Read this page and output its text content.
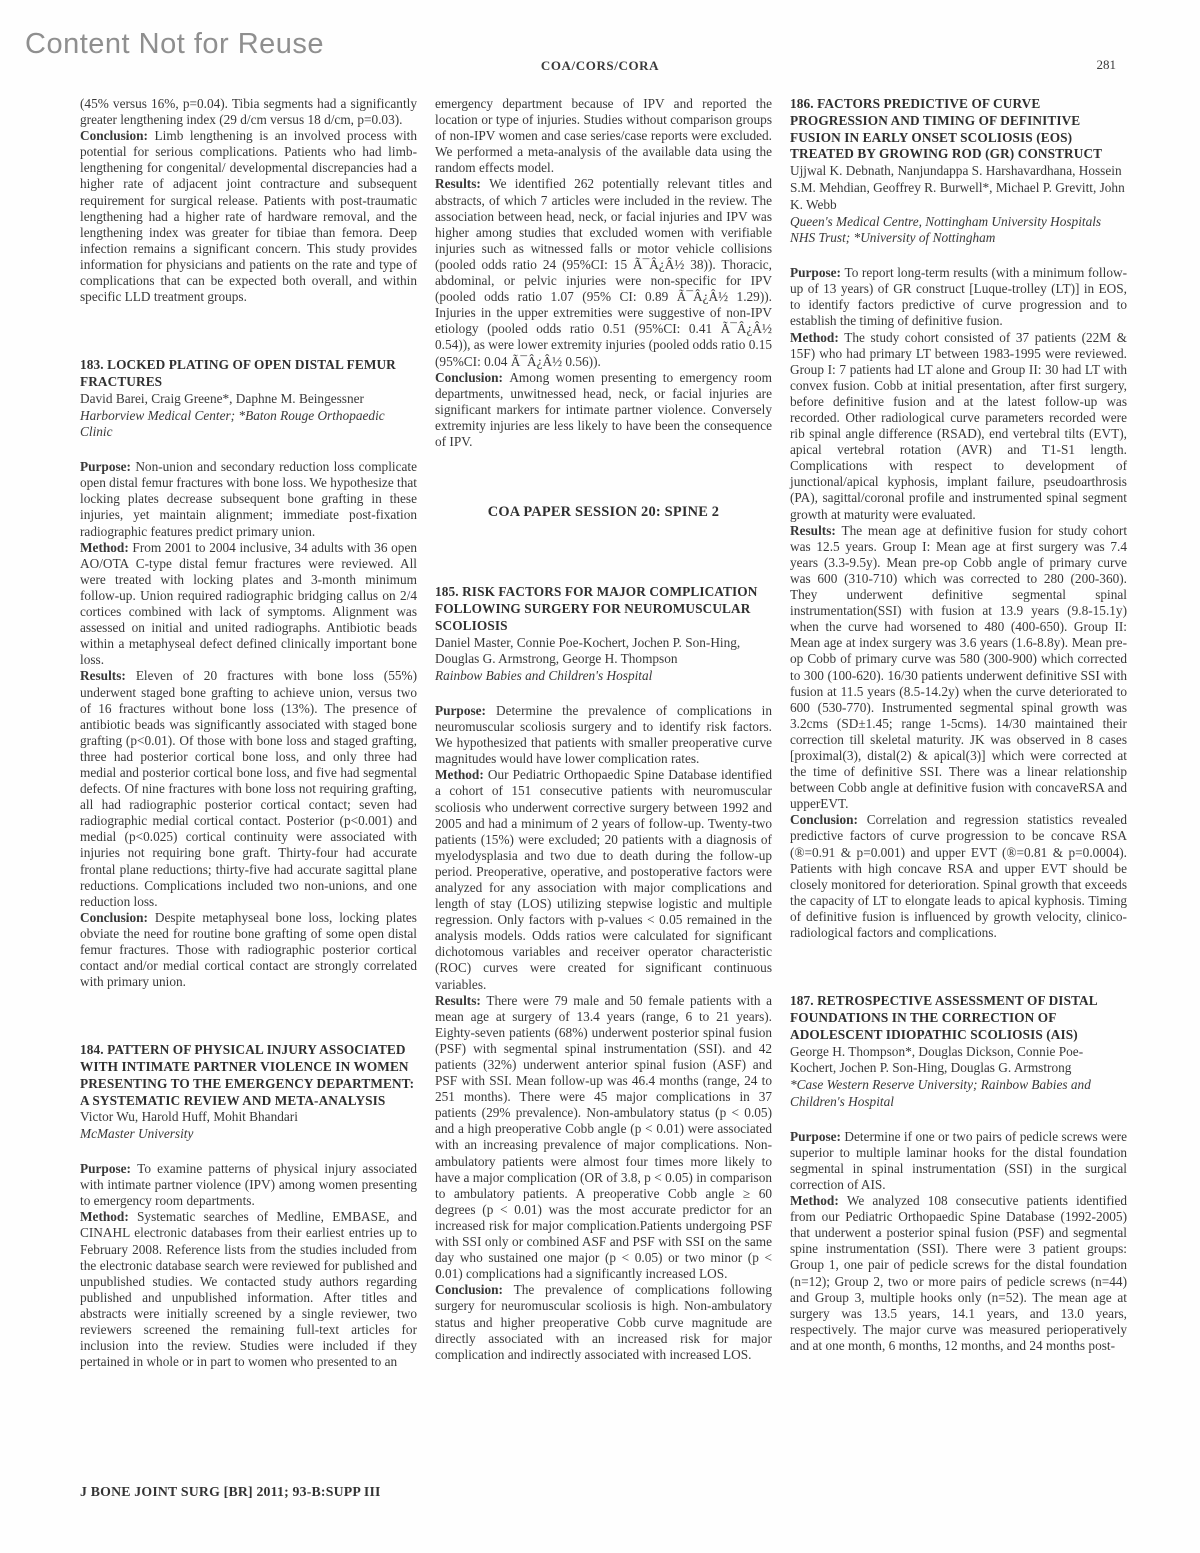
Content Not for Reuse
COA/CORS/CORA	281
(45% versus 16%, p=0.04). Tibia segments had a significantly greater lengthening index (29 d/cm versus 18 d/cm, p=0.03).
Conclusion: Limb lengthening is an involved process with potential for serious complications. Patients who had limb-lengthening for congenital/ developmental discrepancies had a higher rate of adjacent joint contracture and subsequent requirement for surgical release. Patients with post-traumatic lengthening had a higher rate of hardware removal, and the lengthening index was greater for tibiae than femora. Deep infection remains a significant concern. This study provides information for physicians and patients on the rate and type of complications that can be expected both overall, and within specific LLD treatment groups.
183. LOCKED PLATING OF OPEN DISTAL FEMUR FRACTURES
David Barei, Craig Greene*, Daphne M. Beingessner
Harborview Medical Center; *Baton Rouge Orthopaedic Clinic
Purpose: Non-union and secondary reduction loss complicate open distal femur fractures with bone loss. We hypothesize that locking plates decrease subsequent bone grafting in these injuries, yet maintain alignment; immediate post-fixation radiographic features predict primary union.
Method: From 2001 to 2004 inclusive, 34 adults with 36 open AO/OTA C-type distal femur fractures were reviewed. All were treated with locking plates and 3-month minimum follow-up. Union required radiographic bridging callus on 2/4 cortices combined with lack of symptoms. Alignment was assessed on initial and united radiographs. Antibiotic beads within a metaphyseal defect defined clinically important bone loss.
Results: Eleven of 20 fractures with bone loss (55%) underwent staged bone grafting to achieve union, versus two of 16 fractures without bone loss (13%). The presence of antibiotic beads was significantly associated with staged bone grafting (p<0.01). Of those with bone loss and staged grafting, three had posterior cortical bone loss, and only three had medial and posterior cortical bone loss, and five had segmental defects. Of nine fractures with bone loss not requiring grafting, all had radiographic posterior cortical contact; seven had radiographic medial cortical contact. Posterior (p<0.001) and medial (p<0.025) cortical continuity were associated with injuries not requiring bone graft. Thirty-four had accurate frontal plane reductions; thirty-five had accurate sagittal plane reductions. Complications included two non-unions, and one reduction loss.
Conclusion: Despite metaphyseal bone loss, locking plates obviate the need for routine bone grafting of some open distal femur fractures. Those with radiographic posterior cortical contact and/or medial cortical contact are strongly correlated with primary union.
184. PATTERN OF PHYSICAL INJURY ASSOCIATED WITH INTIMATE PARTNER VIOLENCE IN WOMEN PRESENTING TO THE EMERGENCY DEPARTMENT: A SYSTEMATIC REVIEW AND META-ANALYSIS
Victor Wu, Harold Huff, Mohit Bhandari
McMaster University
Purpose: To examine patterns of physical injury associated with intimate partner violence (IPV) among women presenting to emergency room departments.
Method: Systematic searches of Medline, EMBASE, and CINAHL electronic databases from their earliest entries up to February 2008. Reference lists from the studies included from the electronic database search were reviewed for published and unpublished studies. We contacted study authors regarding published and unpublished information. After titles and abstracts were initially screened by a single reviewer, two reviewers screened the remaining full-text articles for inclusion into the review. Studies were included if they pertained in whole or in part to women who presented to an
emergency department because of IPV and reported the location or type of injuries. Studies without comparison groups of non-IPV women and case series/case reports were excluded. We performed a meta-analysis of the available data using the random effects model.
Results: We identified 262 potentially relevant titles and abstracts, of which 7 articles were included in the review. The association between head, neck, or facial injuries and IPV was higher among studies that excluded women with verifiable injuries such as witnessed falls or motor vehicle collisions (pooled odds ratio 24 (95%CI: 15 Ã¯Â¿Â½ 38)). Thoracic, abdominal, or pelvic injuries were non-specific for IPV (pooled odds ratio 1.07 (95% CI: 0.89 Ã¯Â¿Â½ 1.29)). Injuries in the upper extremities were suggestive of non-IPV etiology (pooled odds ratio 0.51 (95%CI: 0.41 Ã¯Â¿Â½ 0.54)), as were lower extremity injuries (pooled odds ratio 0.15 (95%CI: 0.04 Ã¯Â¿Â½ 0.56)).
Conclusion: Among women presenting to emergency room departments, unwitnessed head, neck, or facial injuries are significant markers for intimate partner violence. Conversely extremity injuries are less likely to have been the consequence of IPV.
COA PAPER SESSION 20: SPINE 2
185. RISK FACTORS FOR MAJOR COMPLICATION FOLLOWING SURGERY FOR NEUROMUSCULAR SCOLIOSIS
Daniel Master, Connie Poe-Kochert, Jochen P. Son-Hing, Douglas G. Armstrong, George H. Thompson
Rainbow Babies and Children's Hospital
Purpose: Determine the prevalence of complications in neuromuscular scoliosis surgery and to identify risk factors. We hypothesized that patients with smaller preoperative curve magnitudes would have lower complication rates.
Method: Our Pediatric Orthopaedic Spine Database identified a cohort of 151 consecutive patients with neuromuscular scoliosis who underwent corrective surgery between 1992 and 2005 and had a minimum of 2 years of follow-up. Twenty-two patients (15%) were excluded; 20 patients with a diagnosis of myelodysplasia and two due to death during the follow-up period. Preoperative, operative, and postoperative factors were analyzed for any association with major complications and length of stay (LOS) utilizing stepwise logistic and multiple regression. Only factors with p-values < 0.05 remained in the analysis models. Odds ratios were calculated for significant dichotomous variables and receiver operator characteristic (ROC) curves were created for significant continuous variables.
Results: There were 79 male and 50 female patients with a mean age at surgery of 13.4 years (range, 6 to 21 years). Eighty-seven patients (68%) underwent posterior spinal fusion (PSF) with segmental spinal instrumentation (SSI). and 42 patients (32%) underwent anterior spinal fusion (ASF) and PSF with SSI. Mean follow-up was 46.4 months (range, 24 to 251 months). There were 45 major complications in 37 patients (29% prevalence). Non-ambulatory status (p < 0.05) and a high preoperative Cobb angle (p < 0.01) were associated with an increasing prevalence of major complications. Non-ambulatory patients were almost four times more likely to have a major complication (OR of 3.8, p < 0.05) in comparison to ambulatory patients. A preoperative Cobb angle ≥ 60 degrees (p < 0.01) was the most accurate predictor for an increased risk for major complication.Patients undergoing PSF with SSI only or combined ASF and PSF with SSI on the same day who sustained one major (p < 0.05) or two minor (p < 0.01) complications had a significantly increased LOS.
Conclusion: The prevalence of complications following surgery for neuromuscular scoliosis is high. Non-ambulatory status and higher preoperative Cobb curve magnitude are directly associated with an increased risk for major complication and indirectly associated with increased LOS.
186. FACTORS PREDICTIVE OF CURVE PROGRESSION AND TIMING OF DEFINITIVE FUSION IN EARLY ONSET SCOLIOSIS (EOS) TREATED BY GROWING ROD (GR) CONSTRUCT
Ujjwal K. Debnath, Nanjundappa S. Harshavardhana, Hossein S.M. Mehdian, Geoffrey R. Burwell*, Michael P. Grevitt, John K. Webb
Queen's Medical Centre, Nottingham University Hospitals NHS Trust; *University of Nottingham
Purpose: To report long-term results (with a minimum follow-up of 13 years) of GR construct [Luque-trolley (LT)] in EOS, to identify factors predictive of curve progression and to establish the timing of definitive fusion.
Method: The study cohort consisted of 37 patients (22M & 15F) who had primary LT between 1983-1995 were reviewed. Group I: 7 patients had LT alone and Group II: 30 had LT with convex fusion. Cobb at initial presentation, after first surgery, before definitive fusion and at the latest follow-up was recorded. Other radiological curve parameters recorded were rib spinal angle difference (RSAD), end vertebral tilts (EVT), apical vertebral rotation (AVR) and T1-S1 length. Complications with respect to development of junctional/apical kyphosis, implant failure, pseudoarthrosis (PA), sagittal/coronal profile and instrumented spinal segment growth at maturity were evaluated.
Results: The mean age at definitive fusion for study cohort was 12.5 years. Group I: Mean age at first surgery was 7.4 years (3.3-9.5y). Mean pre-op Cobb angle of primary curve was 600 (310-710) which was corrected to 280 (200-360). They underwent definitive segmental spinal instrumentation(SSI) with fusion at 13.9 years (9.8-15.1y) when the curve had worsened to 480 (400-650). Group II: Mean age at index surgery was 3.6 years (1.6-8.8y). Mean pre-op Cobb of primary curve was 580 (300-900) which corrected to 300 (100-620). 16/30 patients underwent definitive SSI with fusion at 11.5 years (8.5-14.2y) when the curve deteriorated to 600 (530-770). Instrumented segmental spinal growth was 3.2cms (SD±1.45; range 1-5cms). 14/30 maintained their correction till skeletal maturity. JK was observed in 8 cases [proximal(3), distal(2) & apical(3)] which were corrected at the time of definitive SSI. There was a linear relationship between Cobb angle at definitive fusion with concaveRSA and upperEVT.
Conclusion: Correlation and regression statistics revealed predictive factors of curve progression to be concave RSA (®=0.91 & p=0.001) and upper EVT (®=0.81 & p=0.0004). Patients with high concave RSA and upper EVT should be closely monitored for deterioration. Spinal growth that exceeds the capacity of LT to elongate leads to apical kyphosis. Timing of definitive fusion is influenced by growth velocity, clinico-radiological factors and complications.
187. RETROSPECTIVE ASSESSMENT OF DISTAL FOUNDATIONS IN THE CORRECTION OF ADOLESCENT IDIOPATHIC SCOLIOSIS (AIS)
George H. Thompson*, Douglas Dickson, Connie Poe-Kochert, Jochen P. Son-Hing, Douglas G. Armstrong
*Case Western Reserve University; Rainbow Babies and Children's Hospital
Purpose: Determine if one or two pairs of pedicle screws were superior to multiple laminar hooks for the distal foundation segmental in spinal instrumentation (SSI) in the surgical correction of AIS.
Method: We analyzed 108 consecutive patients identified from our Pediatric Orthopaedic Spine Database (1992-2005) that underwent a posterior spinal fusion (PSF) and segmental spine instrumentation (SSI). There were 3 patient groups: Group 1, one pair of pedicle screws for the distal foundation (n=12); Group 2, two or more pairs of pedicle screws (n=44) and Group 3, multiple hooks only (n=52). The mean age at surgery was 13.5 years, 14.1 years, and 13.0 years, respectively. The major curve was measured perioperatively and at one month, 6 months, 12 months, and 24 months post-
J BONE JOINT SURG [BR] 2011; 93-B:SUPP III
